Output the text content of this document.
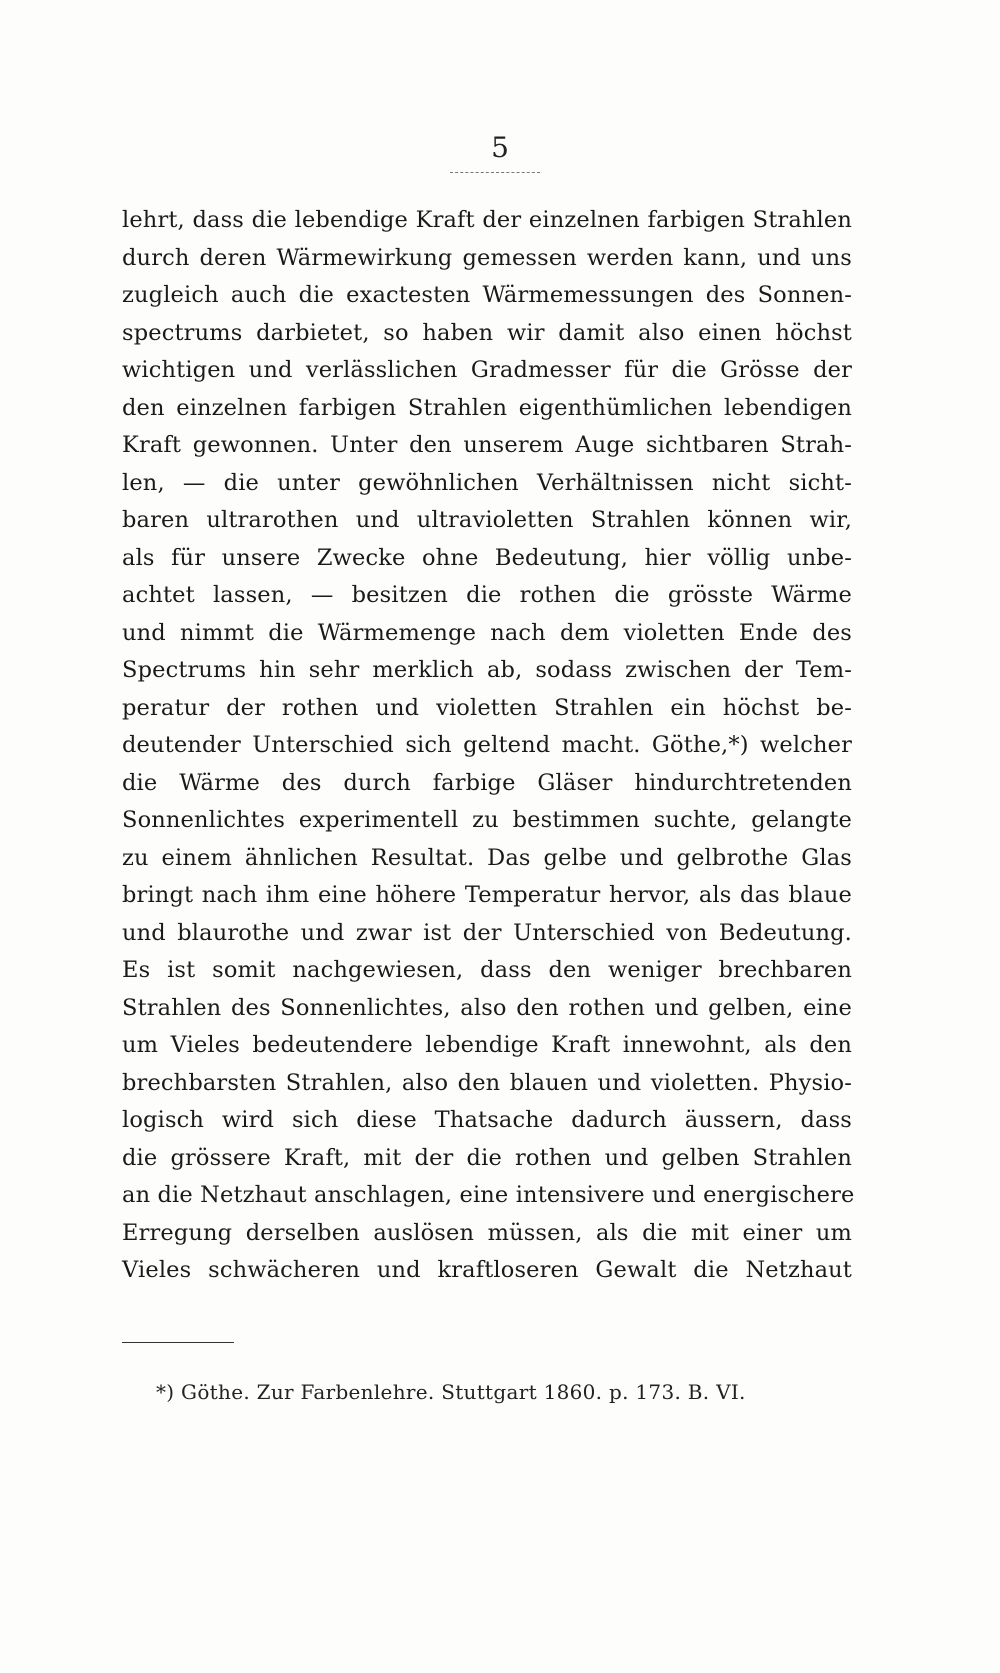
5
lehrt, dass die lebendige Kraft der einzelnen farbigen Strahlen
durch deren Wärmewirkung gemessen werden kann, und uns
zugleich auch die exactesten Wärmemessungen des Sonnen-
spectrums darbietet, so haben wir damit also einen höchst
wichtigen und verlässlichen Gradmesser für die Grösse der
den einzelnen farbigen Strahlen eigenthümlichen lebendigen
Kraft gewonnen. Unter den unserem Auge sichtbaren Strah-
len, — die unter gewöhnlichen Verhältnissen nicht sicht-
baren ultrarothen und ultravioletten Strahlen können wir,
als für unsere Zwecke ohne Bedeutung, hier völlig unbe-
achtet lassen, — besitzen die rothen die grösste Wärme
und nimmt die Wärmemenge nach dem violetten Ende des
Spectrums hin sehr merklich ab, sodass zwischen der Tem-
peratur der rothen und violetten Strahlen ein höchst be-
deutender Unterschied sich geltend macht. Göthe,*) welcher
die Wärme des durch farbige Gläser hindurchtretenden
Sonnenlichtes experimentell zu bestimmen suchte, gelangte
zu einem ähnlichen Resultat. Das gelbe und gelbrothe Glas
bringt nach ihm eine höhere Temperatur hervor, als das blaue
und blaurothe und zwar ist der Unterschied von Bedeutung.
Es ist somit nachgewiesen, dass den weniger brechbaren
Strahlen des Sonnenlichtes, also den rothen und gelben, eine
um Vieles bedeutendere lebendige Kraft innewohnt, als den
brechbarsten Strahlen, also den blauen und violetten. Physio-
logisch wird sich diese Thatsache dadurch äussern, dass
die grössere Kraft, mit der die rothen und gelben Strahlen
an die Netzhaut anschlagen, eine intensivere und energischere
Erregung derselben auslösen müssen, als die mit einer um
Vieles schwächeren und kraftloseren Gewalt die Netzhaut
*) Göthe. Zur Farbenlehre. Stuttgart 1860. p. 173. B. VI.
